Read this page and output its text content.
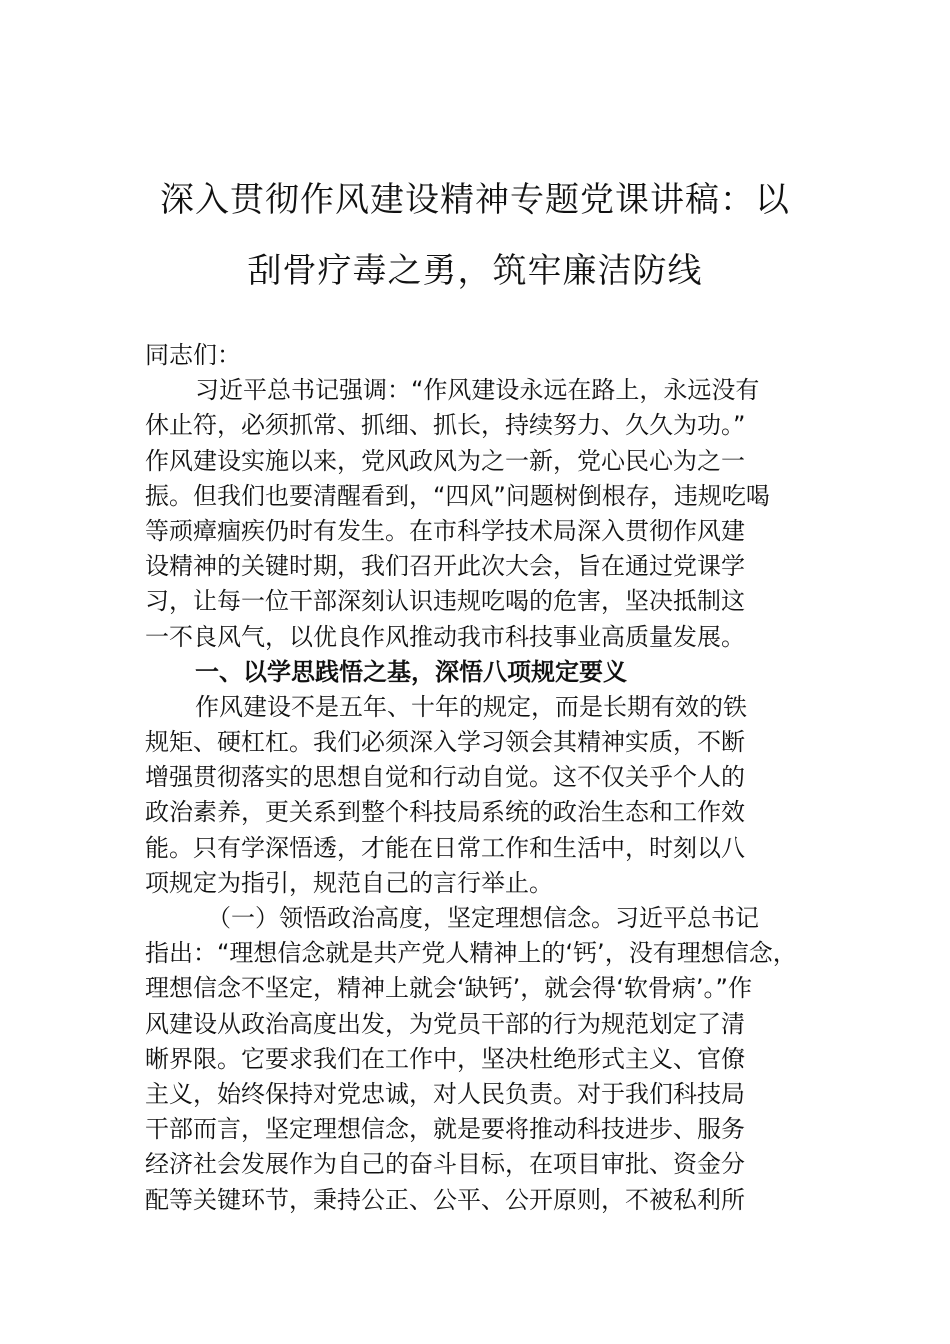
深入贯彻作风建设精神专题党课讲稿：以
刮骨疗毒之勇，筑牢廉洁防线
同志们：
习近平总书记强调：“作风建设永远在路上，永远没有
休止符，必须抓常、抓细、抓长，持续努力、久久为功。”
作风建设实施以来，党风政风为之一新，党心民心为之一
振。但我们也要清醒看到，“四风”问题树倒根存，违规吃喝
等顽瘴痼疾仍时有发生。在市科学技术局深入贯彻作风建
设精神的关键时期，我们召开此次大会，旨在通过党课学
习，让每一位干部深刻认识违规吃喝的危害，坚决抵制这
一不良风气，以优良作风推动我市科技事业高质量发展。
一、以学思践悟之基，深悟八项规定要义
作风建设不是五年、十年的规定，而是长期有效的铁
规矩、硬杠杠。我们必须深入学习领会其精神实质，不断
增强贯彻落实的思想自觉和行动自觉。这不仅关乎个人的
政治素养，更关系到整个科技局系统的政治生态和工作效
能。只有学深悟透，才能在日常工作和生活中，时刻以八
项规定为指引，规范自己的言行举止。
（一）领悟政治高度，坚定理想信念。习近平总书记
指出：“理想信念就是共产党人精神上的‘钙’，没有理想信念，
理想信念不坚定，精神上就会‘缺钙’，就会得‘软骨病’。”作
风建设从政治高度出发，为党员干部的行为规范划定了清
晰界限。它要求我们在工作中，坚决杜绝形式主义、官僚
主义，始终保持对党忠诚，对人民负责。对于我们科技局
干部而言，坚定理想信念，就是要将推动科技进步、服务
经济社会发展作为自己的奋斗目标，在项目审批、资金分
配等关键环节，秉持公正、公平、公开原则，不被私利所
